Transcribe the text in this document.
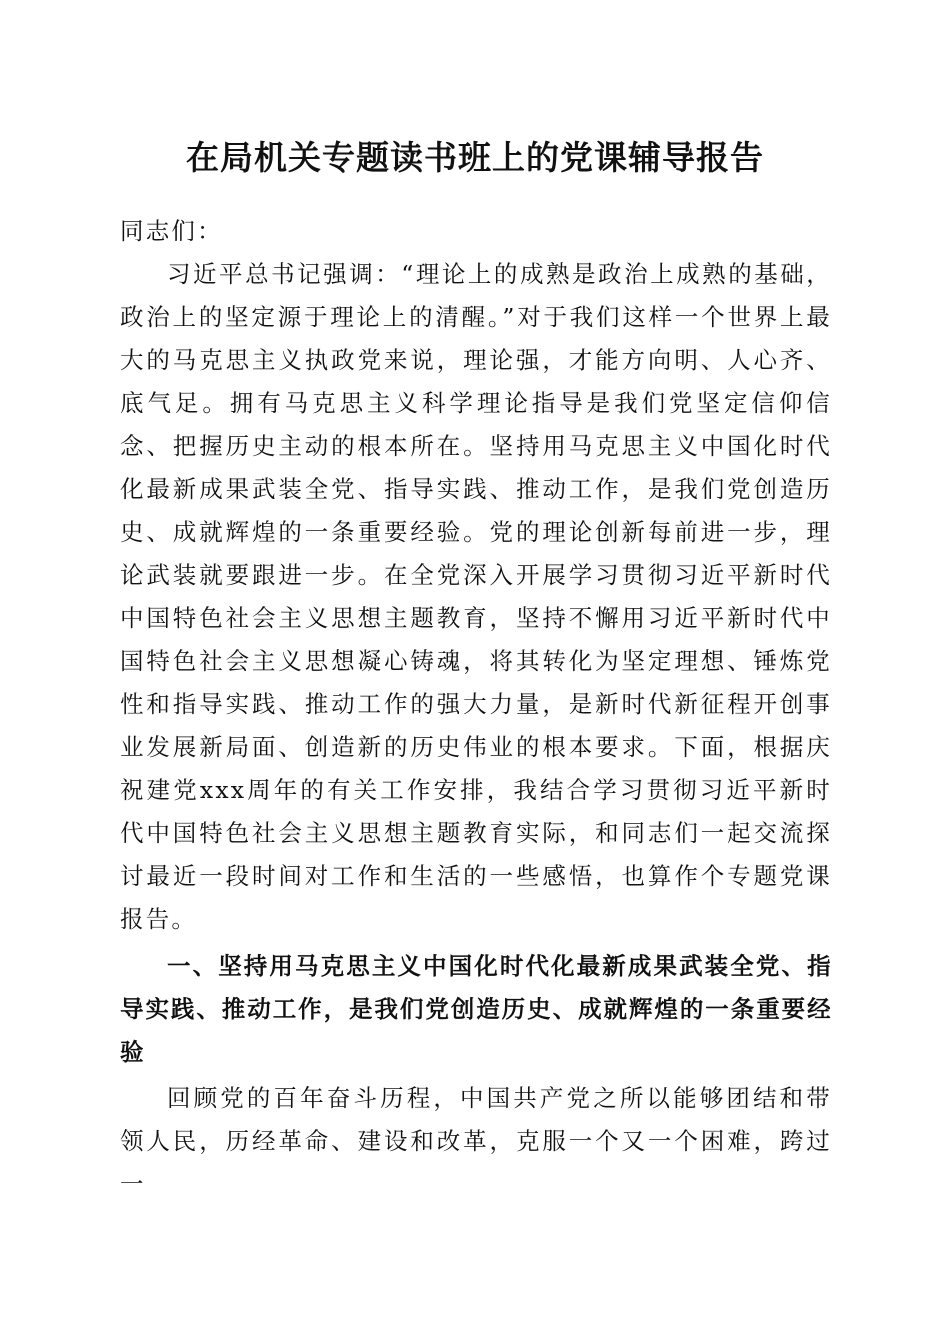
在局机关专题读书班上的党课辅导报告
同志们：
习近平总书记强调：“理论上的成熟是政治上成熟的基础，政治上的坚定源于理论上的清醒。”对于我们这样一个世界上最大的马克思主义执政党来说，理论强，才能方向明、人心齐、底气足。拥有马克思主义科学理论指导是我们党坚定信仰信念、把握历史主动的根本所在。坚持用马克思主义中国化时代化最新成果武装全党、指导实践、推动工作，是我们党创造历史、成就辉煌的一条重要经验。党的理论创新每前进一步，理论武装就要跟进一步。在全党深入开展学习贯彻习近平新时代中国特色社会主义思想主题教育，坚持不懈用习近平新时代中国特色社会主义思想凝心铸魂，将其转化为坚定理想、锤炼党性和指导实践、推动工作的强大力量，是新时代新征程开创事业发展新局面、创造新的历史伟业的根本要求。下面，根据庆祝建党xxx周年的有关工作安排，我结合学习贯彻习近平新时代中国特色社会主义思想主题教育实际，和同志们一起交流探讨最近一段时间对工作和生活的一些感悟，也算作个专题党课报告。
一、坚持用马克思主义中国化时代化最新成果武装全党、指导实践、推动工作，是我们党创造历史、成就辉煌的一条重要经验
回顾党的百年奋斗历程，中国共产党之所以能够团结和带领人民，历经革命、建设和改革，克服一个又一个困难，跨过一
